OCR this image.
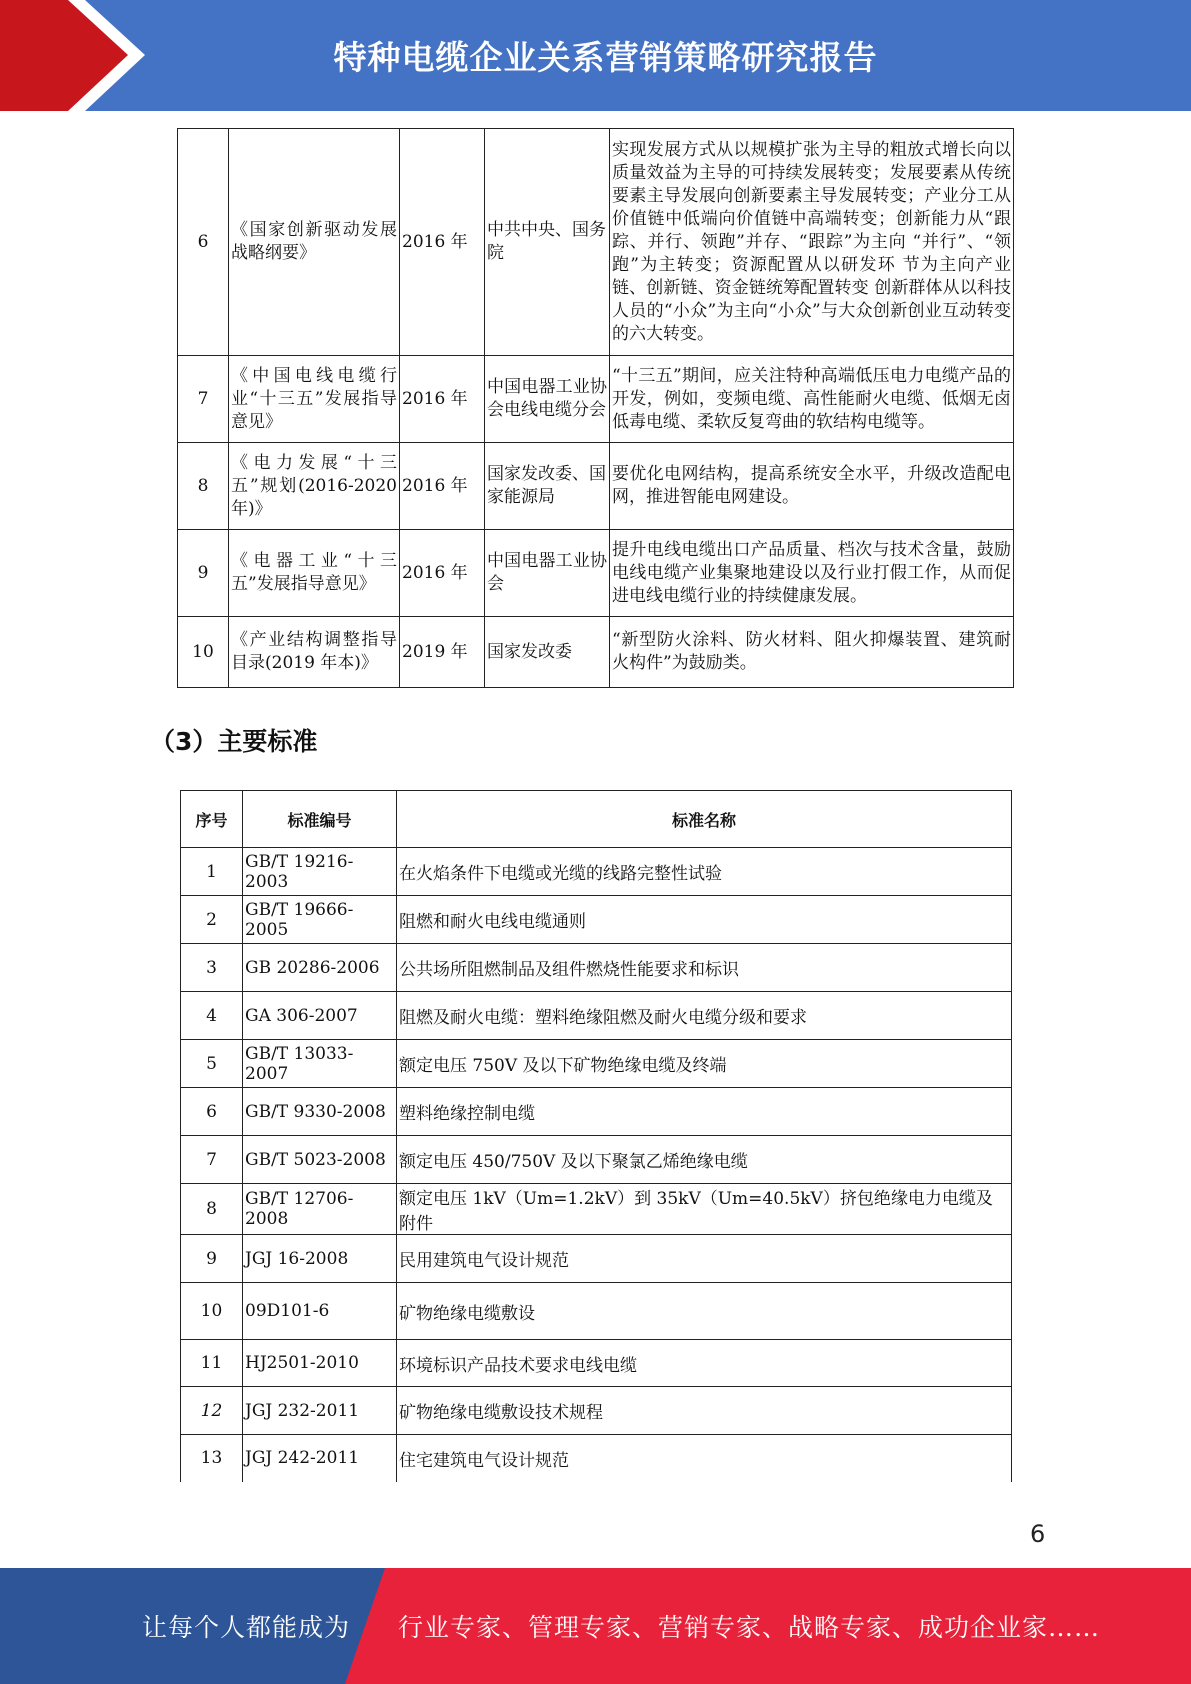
特种电缆企业关系营销策略研究报告
6	《国家创新驱动发展战略纲要》	2016 年	中共中央、国务院	实现发展方式从以规模扩张为主导的粗放式增长向以质量效益为主导的可持续发展转变；发展要素从传统要素主导发展向创新要素主导发展转变；产业分工从价值链中低端向价值链中高端转变；创新能力从“跟踪、并行、领跑”并存、“跟踪”为主向 “并行”、“领跑”为主转变；资源配置从以研发环 节为主向产业链、创新链、资金链统筹配置转变 创新群体从以科技人员的“小众”为主向“小众”与大众创新创业互动转变的六大转变。
7	《中国电线电缆行业“十三五”发展指导意见》	2016 年	中国电器工业协会电线电缆分会	“十三五”期间，应关注特种高端低压电力电缆产品的开发，例如，变频电缆、高性能耐火电缆、低烟无卤低毒电缆、柔软反复弯曲的软结构电缆等。
8	《电力发展“十三五”规划(2016-2020年)》	2016 年	国家发改委、国家能源局	要优化电网结构，提高系统安全水平，升级改造配电网，推进智能电网建设。
9	《电器工业“十三五”发展指导意见》	2016 年	中国电器工业协会	提升电线电缆出口产品质量、档次与技术含量，鼓励电线电缆产业集聚地建设以及行业打假工作，从而促进电线电缆行业的持续健康发展。
10	《产业结构调整指导目录(2019 年本)》	2019 年	国家发改委	“新型防火涂料、防火材料、阻火抑爆装置、建筑耐火构件”为鼓励类。
（3）主要标准
序号	标准编号	标准名称
1	GB/T 19216-2003	在火焰条件下电缆或光缆的线路完整性试验
2	GB/T 19666-2005	阻燃和耐火电线电缆通则
3	GB 20286-2006	公共场所阻燃制品及组件燃烧性能要求和标识
4	GA 306-2007	阻燃及耐火电缆：塑料绝缘阻燃及耐火电缆分级和要求
5	GB/T 13033-2007	额定电压 750V 及以下矿物绝缘电缆及终端
6	GB/T 9330-2008	塑料绝缘控制电缆
7	GB/T 5023-2008	额定电压 450/750V 及以下聚氯乙烯绝缘电缆
8	GB/T 12706-2008	额定电压 1kV（Um=1.2kV）到 35kV（Um=40.5kV）挤包绝缘电力电缆及附件
9	JGJ 16-2008	民用建筑电气设计规范
10	09D101-6	矿物绝缘电缆敷设
11	HJ2501-2010	环境标识产品技术要求电线电缆
12	JGJ 232-2011	矿物绝缘电缆敷设技术规程
13	JGJ 242-2011	住宅建筑电气设计规范
6
让每个人都能成为 行业专家、管理专家、营销专家、战略专家、成功企业家……
